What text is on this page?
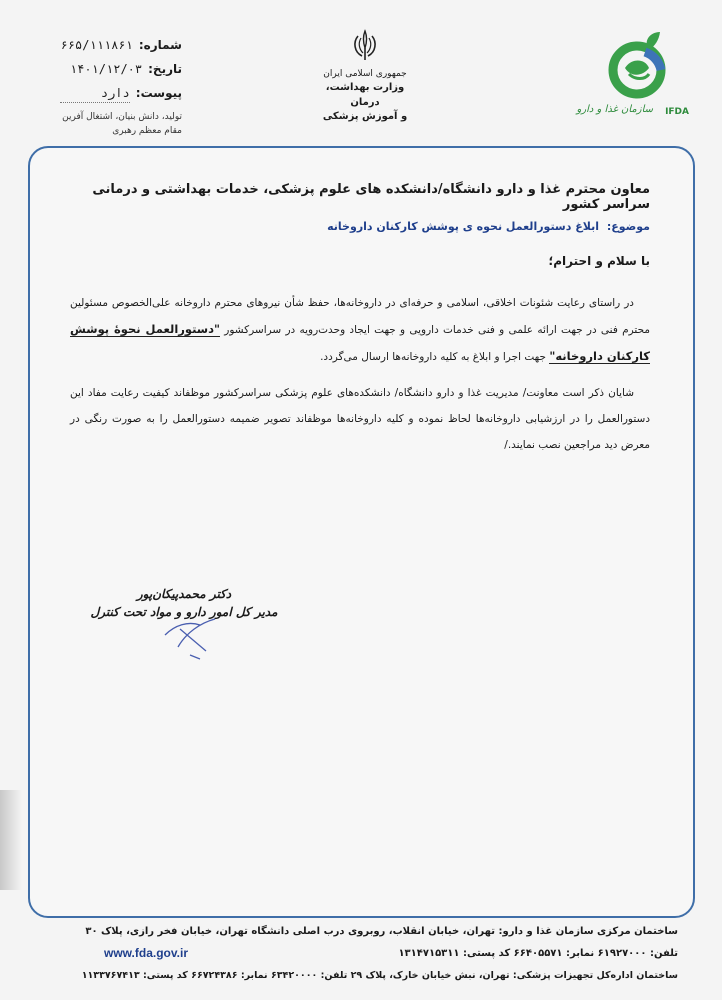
شماره:
۶۶۵/۱۱۱۸۶۱
تاریخ:
۱۴۰۱/۱۲/۰۳
پیوست:
دارد
تولید، دانش بنیان، اشتغال آفرین
مقام معظم رهبری
جمهوری اسلامی ایران
وزارت بهداشت، درمان
و آموزش پزشکی
سازمان غذا و دارو IFDA
معاون محترم غذا و دارو دانشگاه/دانشکده های علوم پزشکی، خدمات بهداشتی و درمانی سراسر کشور
موضوع: ابلاغ دستورالعمل نحوه ی پوشش کارکنان داروخانه
با سلام و احترام؛
در راستای رعایت شئونات اخلاقی، اسلامی و حرفه‌ای در داروخانه‌ها، حفظ شأن نیروهای محترم داروخانه علی‌الخصوص مسئولین محترم فنی در جهت ارائه علمی و فنی خدمات دارویی و جهت ایجاد وحدت‌رویه در سراسرکشور "دستورالعمل نحوهٔ پوشش کارکنان داروخانه" جهت اجرا و ابلاغ به کلیه داروخانه‌ها ارسال می‌گردد.
شایان ذکر است معاونت/ مدیریت غذا و دارو دانشگاه/ دانشکده‌های علوم پزشکی سراسرکشور موظفاند کیفیت رعایت مفاد این دستورالعمل را در ارزشیابی داروخانه‌ها لحاظ نموده و کلیه داروخانه‌ها موظفاند تصویر ضمیمه دستورالعمل را به صورت رنگی در معرض دید مراجعین نصب نمایند./
دکتر محمدپیکان‌پور
مدیر کل امور دارو و مواد تحت کنترل
ساختمان مرکزی سازمان غذا و دارو: تهران، خیابان انقلاب، روبروی درب اصلی دانشگاه تهران، خیابان فخر رازی، پلاک ۳۰
تلفن: ۶۱۹۲۷۰۰۰ نمابر: ۶۶۴۰۵۵۷۱ کد پستی: ۱۳۱۴۷۱۵۳۱۱
www.fda.gov.ir
ساختمان اداره‌کل تجهیزات پزشکی: تهران، نبش خیابان خارک، پلاک ۲۹ تلفن: ۶۳۴۲۰۰۰۰ نمابر: ۶۶۷۲۴۳۸۶ کد پستی: ۱۱۳۳۷۶۷۴۱۳
